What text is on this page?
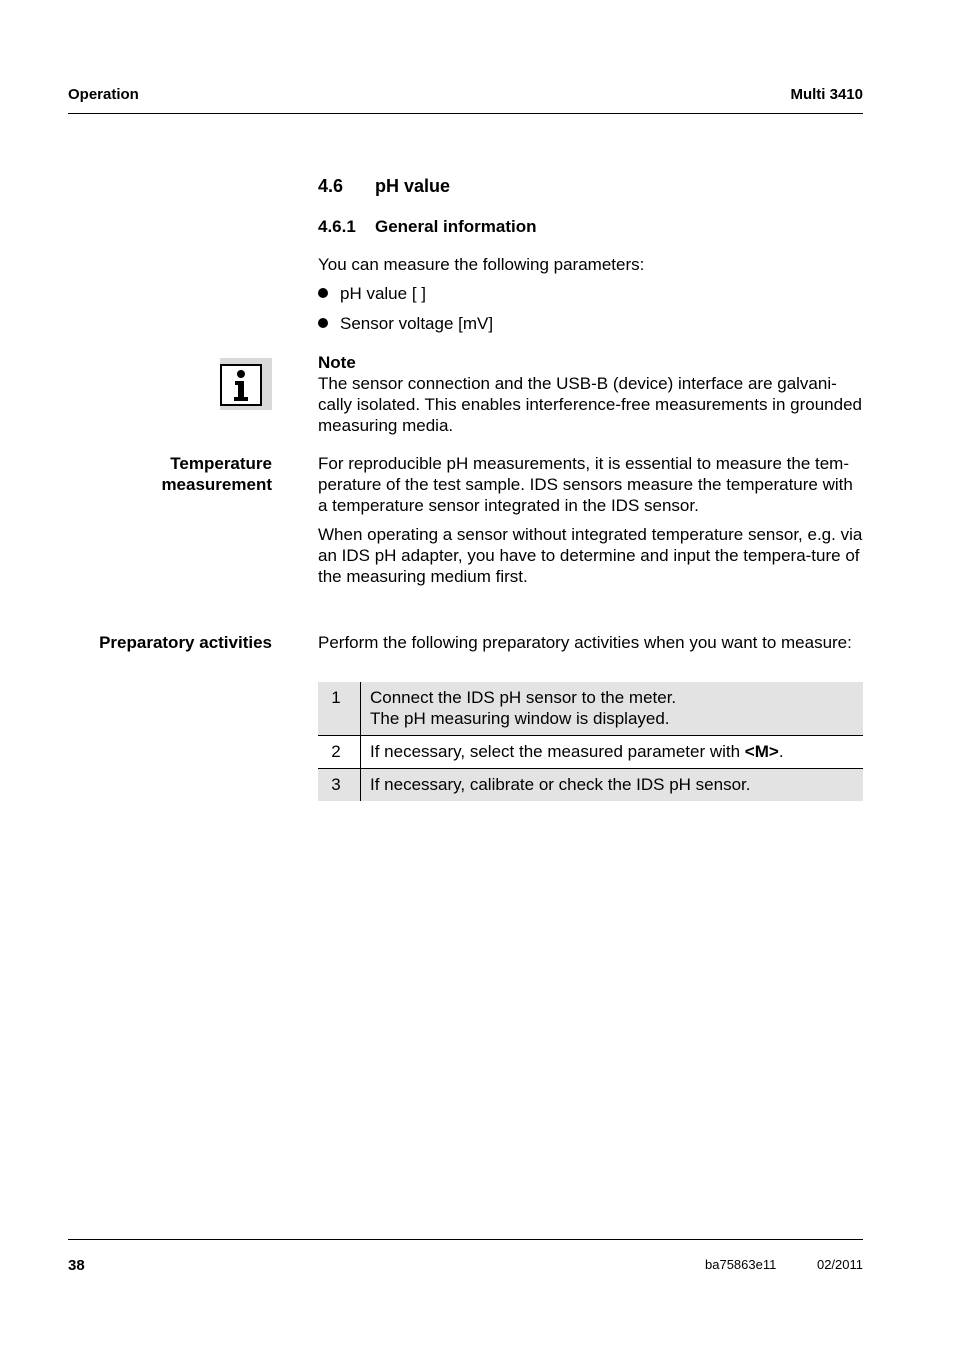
Operation	Multi 3410
4.6 pH value
4.6.1 General information
You can measure the following parameters:
pH value [ ]
Sensor voltage [mV]
Note
The sensor connection and the USB-B (device) interface are galvani-cally isolated. This enables interference-free measurements in grounded measuring media.
Temperature
measurement
For reproducible pH measurements, it is essential to measure the tem-perature of the test sample. IDS sensors measure the temperature with a temperature sensor integrated in the IDS sensor.
When operating a sensor without integrated temperature sensor, e.g. via an IDS pH adapter, you have to determine and input the tempera-ture of the measuring medium first.
Preparatory activities	Perform the following preparatory activities when you want to measure:
1	Connect the IDS pH sensor to the meter.
The pH measuring window is displayed.

2	If necessary, select the measured parameter with <M>.
3	If necessary, calibrate or check the IDS pH sensor.
38	ba75863e11	02/2011
